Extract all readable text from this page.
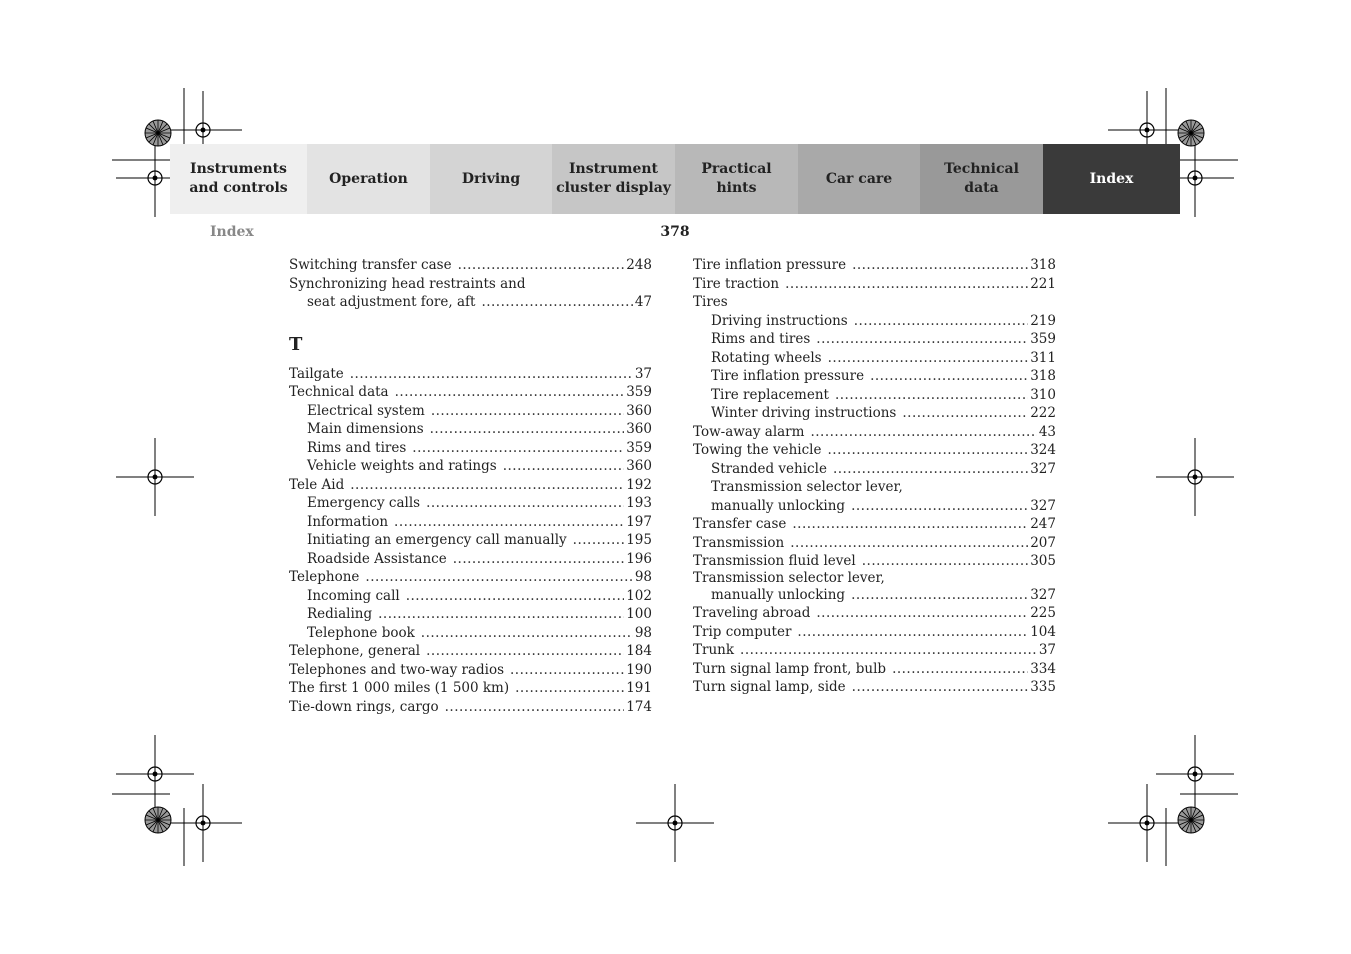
Instruments
and controls
Operation	Driving
Instrument
cluster display
Practical hints
Car care
Technical
data
Index
Index	378
Switching transfer case .....	248
Synchronizing head restraints and
seat adjustment fore, aft .....	47
T
Tailgate .....	37
Technical data .....	359
Electrical system .....	360
Main dimensions .....	360
Rims and tires .....	359
Vehicle weights and ratings .....	360
Tele Aid .....	192
Emergency calls .....	193
Information .....	197
Initiating an emergency call manually .....	195
Roadside Assistance .....	196
Telephone .....	98
Incoming call .....	102
Redialing .....	100
Telephone book .....	98
Telephone, general .....	184
Telephones and two-way radios .....	190
The first 1 000 miles (1 500 km) .....	191
Tie-down rings, cargo .....	174
Tire inflation pressure .....	318
Tire traction .....	221
Tires
Driving instructions .....	219
Rims and tires .....	359
Rotating wheels .....	311
Tire inflation pressure .....	318
Tire replacement .....	310
Winter driving instructions .....	222
Tow-away alarm .....	43
Towing the vehicle .....	324
Stranded vehicle .....	327
Transmission selector lever,
manually unlocking .....	327
Transfer case .....	247
Transmission .....	207
Transmission fluid level .....	305
Transmission selector lever,
manually unlocking .....	327
Traveling abroad .....	225
Trip computer .....	104
Trunk .....	37
Turn signal lamp front, bulb .....	334
Turn signal lamp, side .....	335
